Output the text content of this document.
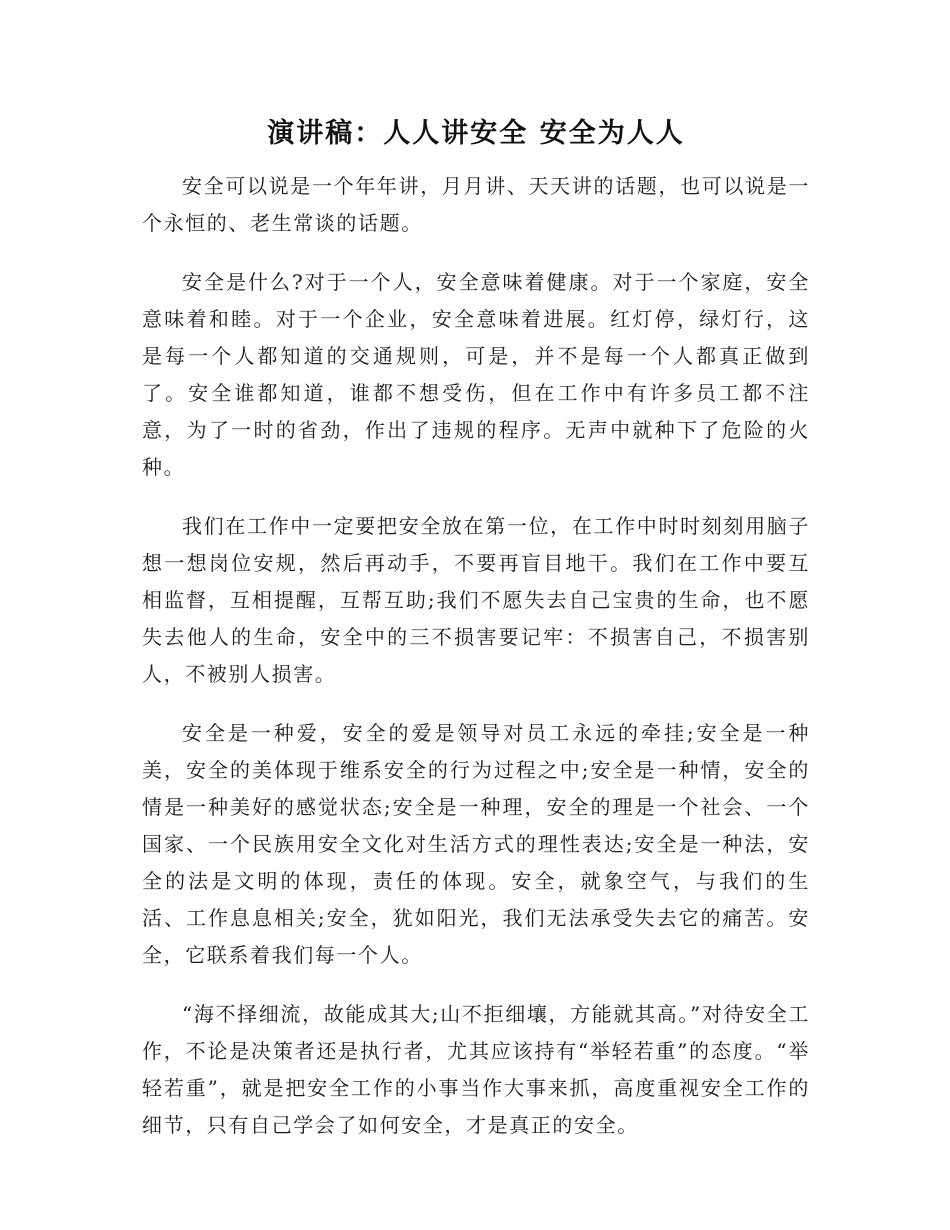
演讲稿：人人讲安全 安全为人人

安全可以说是一个年年讲，月月讲、天天讲的话题，也可以说是一个永恒的、老生常谈的话题。

安全是什么?对于一个人，安全意味着健康。对于一个家庭，安全意味着和睦。对于一个企业，安全意味着进展。红灯停，绿灯行，这是每一个人都知道的交通规则，可是，并不是每一个人都真正做到了。安全谁都知道，谁都不想受伤，但在工作中有许多员工都不注意，为了一时的省劲，作出了违规的程序。无声中就种下了危险的火种。

我们在工作中一定要把安全放在第一位，在工作中时时刻刻用脑子想一想岗位安规，然后再动手，不要再盲目地干。我们在工作中要互相监督，互相提醒，互帮互助;我们不愿失去自己宝贵的生命，也不愿失去他人的生命，安全中的三不损害要记牢：不损害自己，不损害别人，不被别人损害。

安全是一种爱，安全的爱是领导对员工永远的牵挂;安全是一种美，安全的美体现于维系安全的行为过程之中;安全是一种情，安全的情是一种美好的感觉状态;安全是一种理，安全的理是一个社会、一个国家、一个民族用安全文化对生活方式的理性表达;安全是一种法，安全的法是文明的体现，责任的体现。安全，就象空气，与我们的生活、工作息息相关;安全，犹如阳光，我们无法承受失去它的痛苦。安全，它联系着我们每一个人。

“海不择细流，故能成其大;山不拒细壤，方能就其高。”对待安全工作，不论是决策者还是执行者，尤其应该持有“举轻若重”的态度。“举轻若重”，就是把安全工作的小事当作大事来抓，高度重视安全工作的细节，只有自己学会了如何安全，才是真正的安全。
